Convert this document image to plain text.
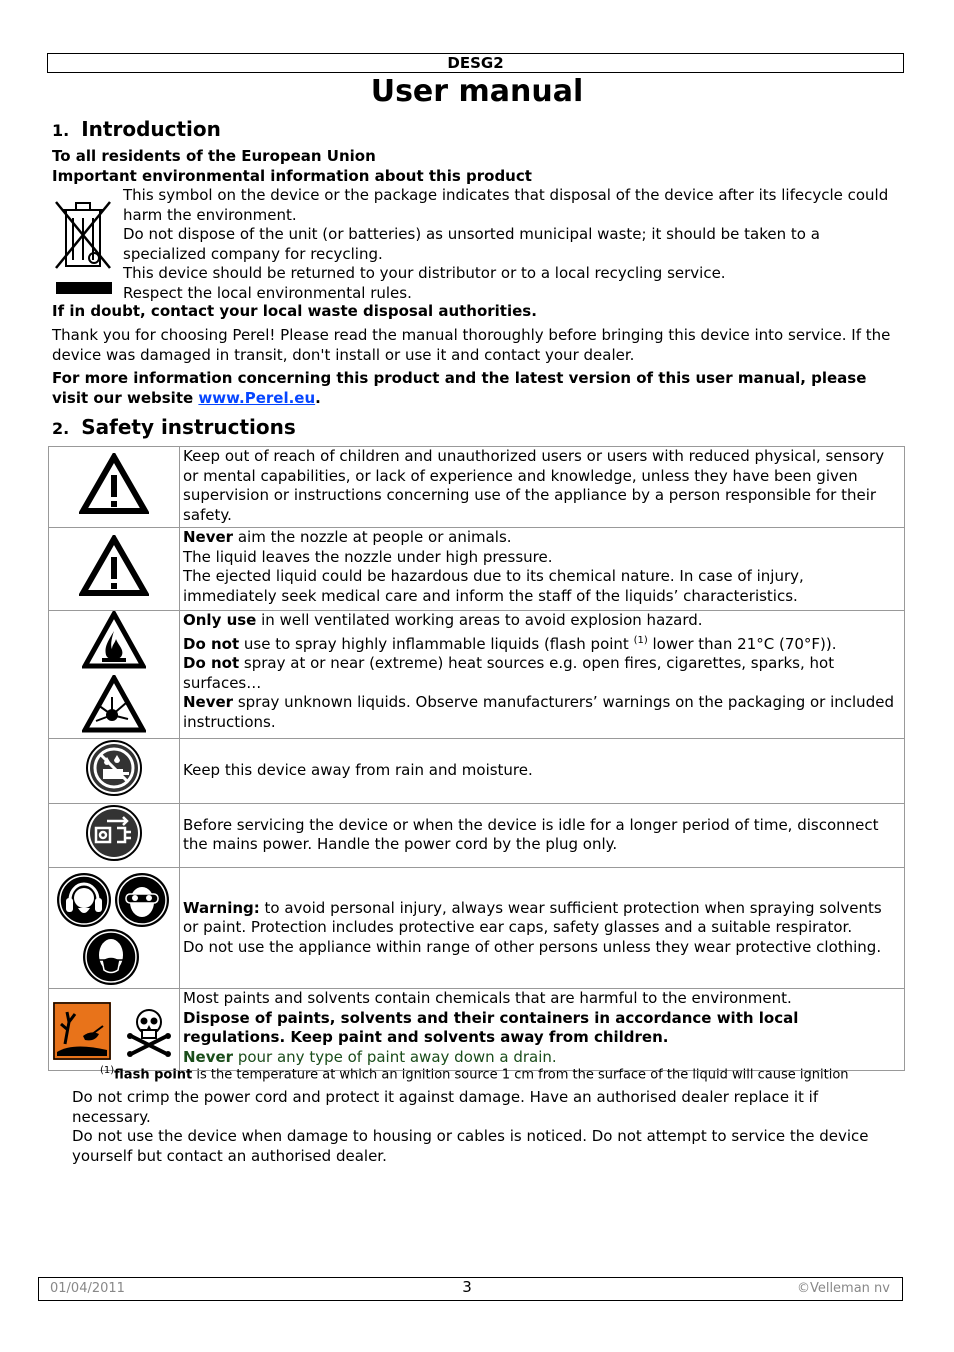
DESG2
User manual
1. Introduction
To all residents of the European Union
Important environmental information about this product
This symbol on the device or the package indicates that disposal of the device after its lifecycle could harm the environment.
Do not dispose of the unit (or batteries) as unsorted municipal waste; it should be taken to a specialized company for recycling.
This device should be returned to your distributor or to a local recycling service.
Respect the local environmental rules.
If in doubt, contact your local waste disposal authorities.
Thank you for choosing Perel! Please read the manual thoroughly before bringing this device into service. If the device was damaged in transit, don't install or use it and contact your dealer.
For more information concerning this product and the latest version of this user manual, please visit our website www.Perel.eu.
2. Safety instructions
	Keep out of reach of children and unauthorized users or users with reduced physical, sensory or mental capabilities, or lack of experience and knowledge, unless they have been given supervision or instructions concerning use of the appliance by a person responsible for their safety.

Never aim the nozzle at people or animals.
The liquid leaves the nozzle under high pressure.
The ejected liquid could be hazardous due to its chemical nature. In case of injury, immediately seek medical care and inform the staff of the liquids’ characteristics.

Only use in well ventilated working areas to avoid explosion hazard.
Do not use to spray highly inflammable liquids (flash point $^{(1)}$ lower than 21°C (70°F)).
Do not spray at or near (extreme) heat sources e.g. open fires, cigarettes, sparks, hot surfaces…
Never spray unknown liquids. Observe manufacturers’ warnings on the packaging or included instructions.

	Keep this device away from rain and moisture.
	Before servicing the device or when the device is idle for a longer period of time, disconnect the mains power. Handle the power cord by the plug only.

Warning: to avoid personal injury, always wear sufficient protection when spraying solvents or paint. Protection includes protective ear caps, safety glasses and a suitable respirator.
Do not use the appliance within range of other persons unless they wear protective clothing.

Most paints and solvents contain chemicals that are harmful to the environment.
Dispose of paints, solvents and their containers in accordance with local regulations. Keep paint and solvents away from children.
Never pour any type of paint away down a drain.
$^{(1)}$flash point is the temperature at which an ignition source 1 cm from the surface of the liquid will cause ignition
Do not crimp the power cord and protect it against damage. Have an authorised dealer replace it if necessary.
Do not use the device when damage to housing or cables is noticed. Do not attempt to service the device yourself but contact an authorised dealer.
01/04/2011	3	©Velleman nv
